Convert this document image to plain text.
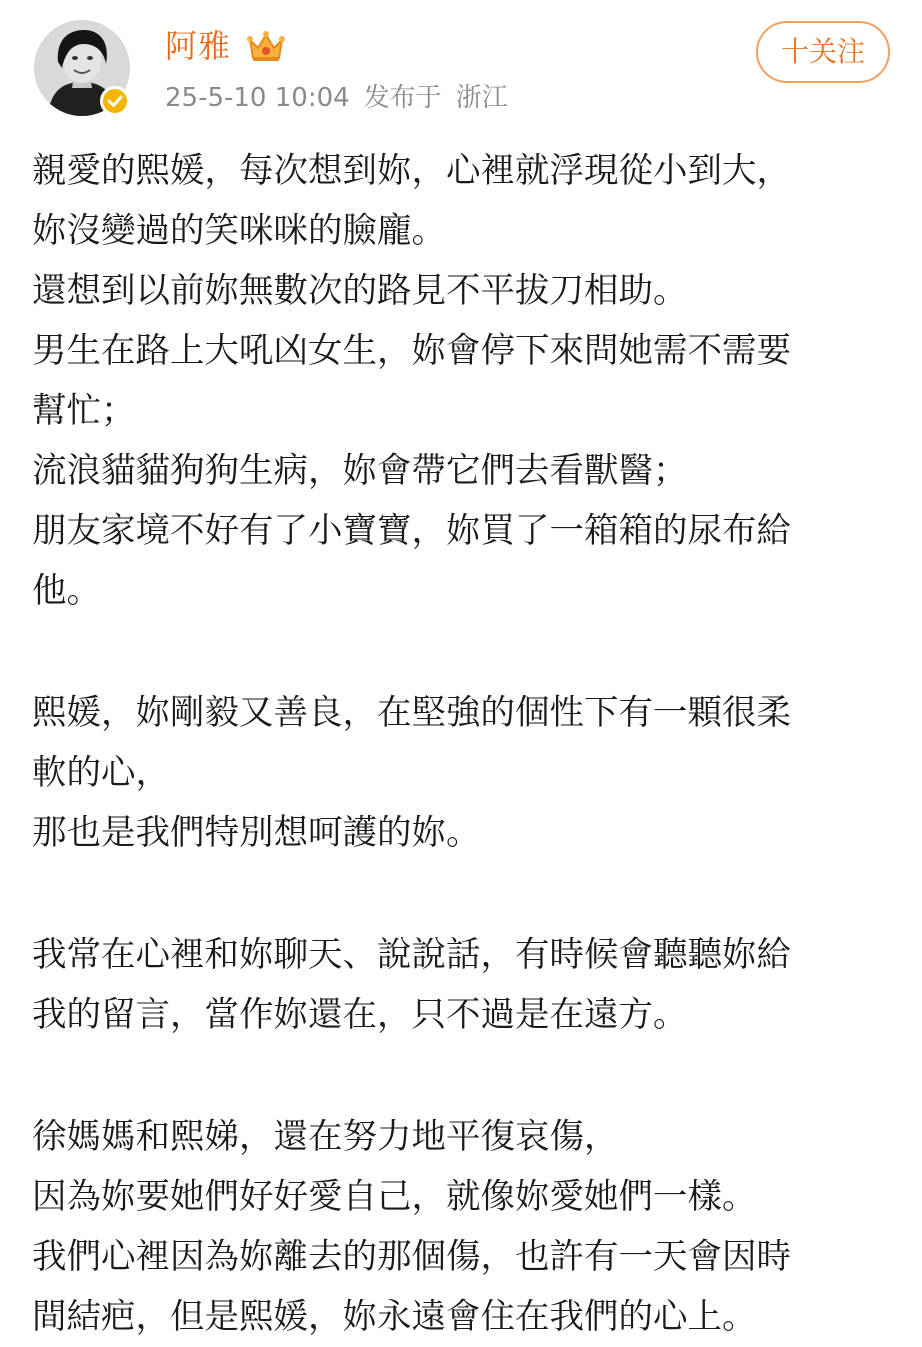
阿雅
25-5-10 10:04 发布于 浙江
十关注
親愛的熙媛，每次想到妳，心裡就浮現從小到大，
妳沒變過的笑咪咪的臉龐。
還想到以前妳無數次的路見不平拔刀相助。
男生在路上大吼凶女生，妳會停下來問她需不需要
幫忙；
流浪貓貓狗狗生病，妳會帶它們去看獸醫；
朋友家境不好有了小寶寶，妳買了一箱箱的尿布給
他。
熙媛，妳剛毅又善良，在堅強的個性下有一顆很柔
軟的心，
那也是我們特別想呵護的妳。
我常在心裡和妳聊天、說說話，有時候會聽聽妳給
我的留言，當作妳還在，只不過是在遠方。
徐媽媽和熙娣，還在努力地平復哀傷，
因為妳要她們好好愛自己，就像妳愛她們一樣。
我們心裡因為妳離去的那個傷，也許有一天會因時
間結疤，但是熙媛，妳永遠會住在我們的心上。
